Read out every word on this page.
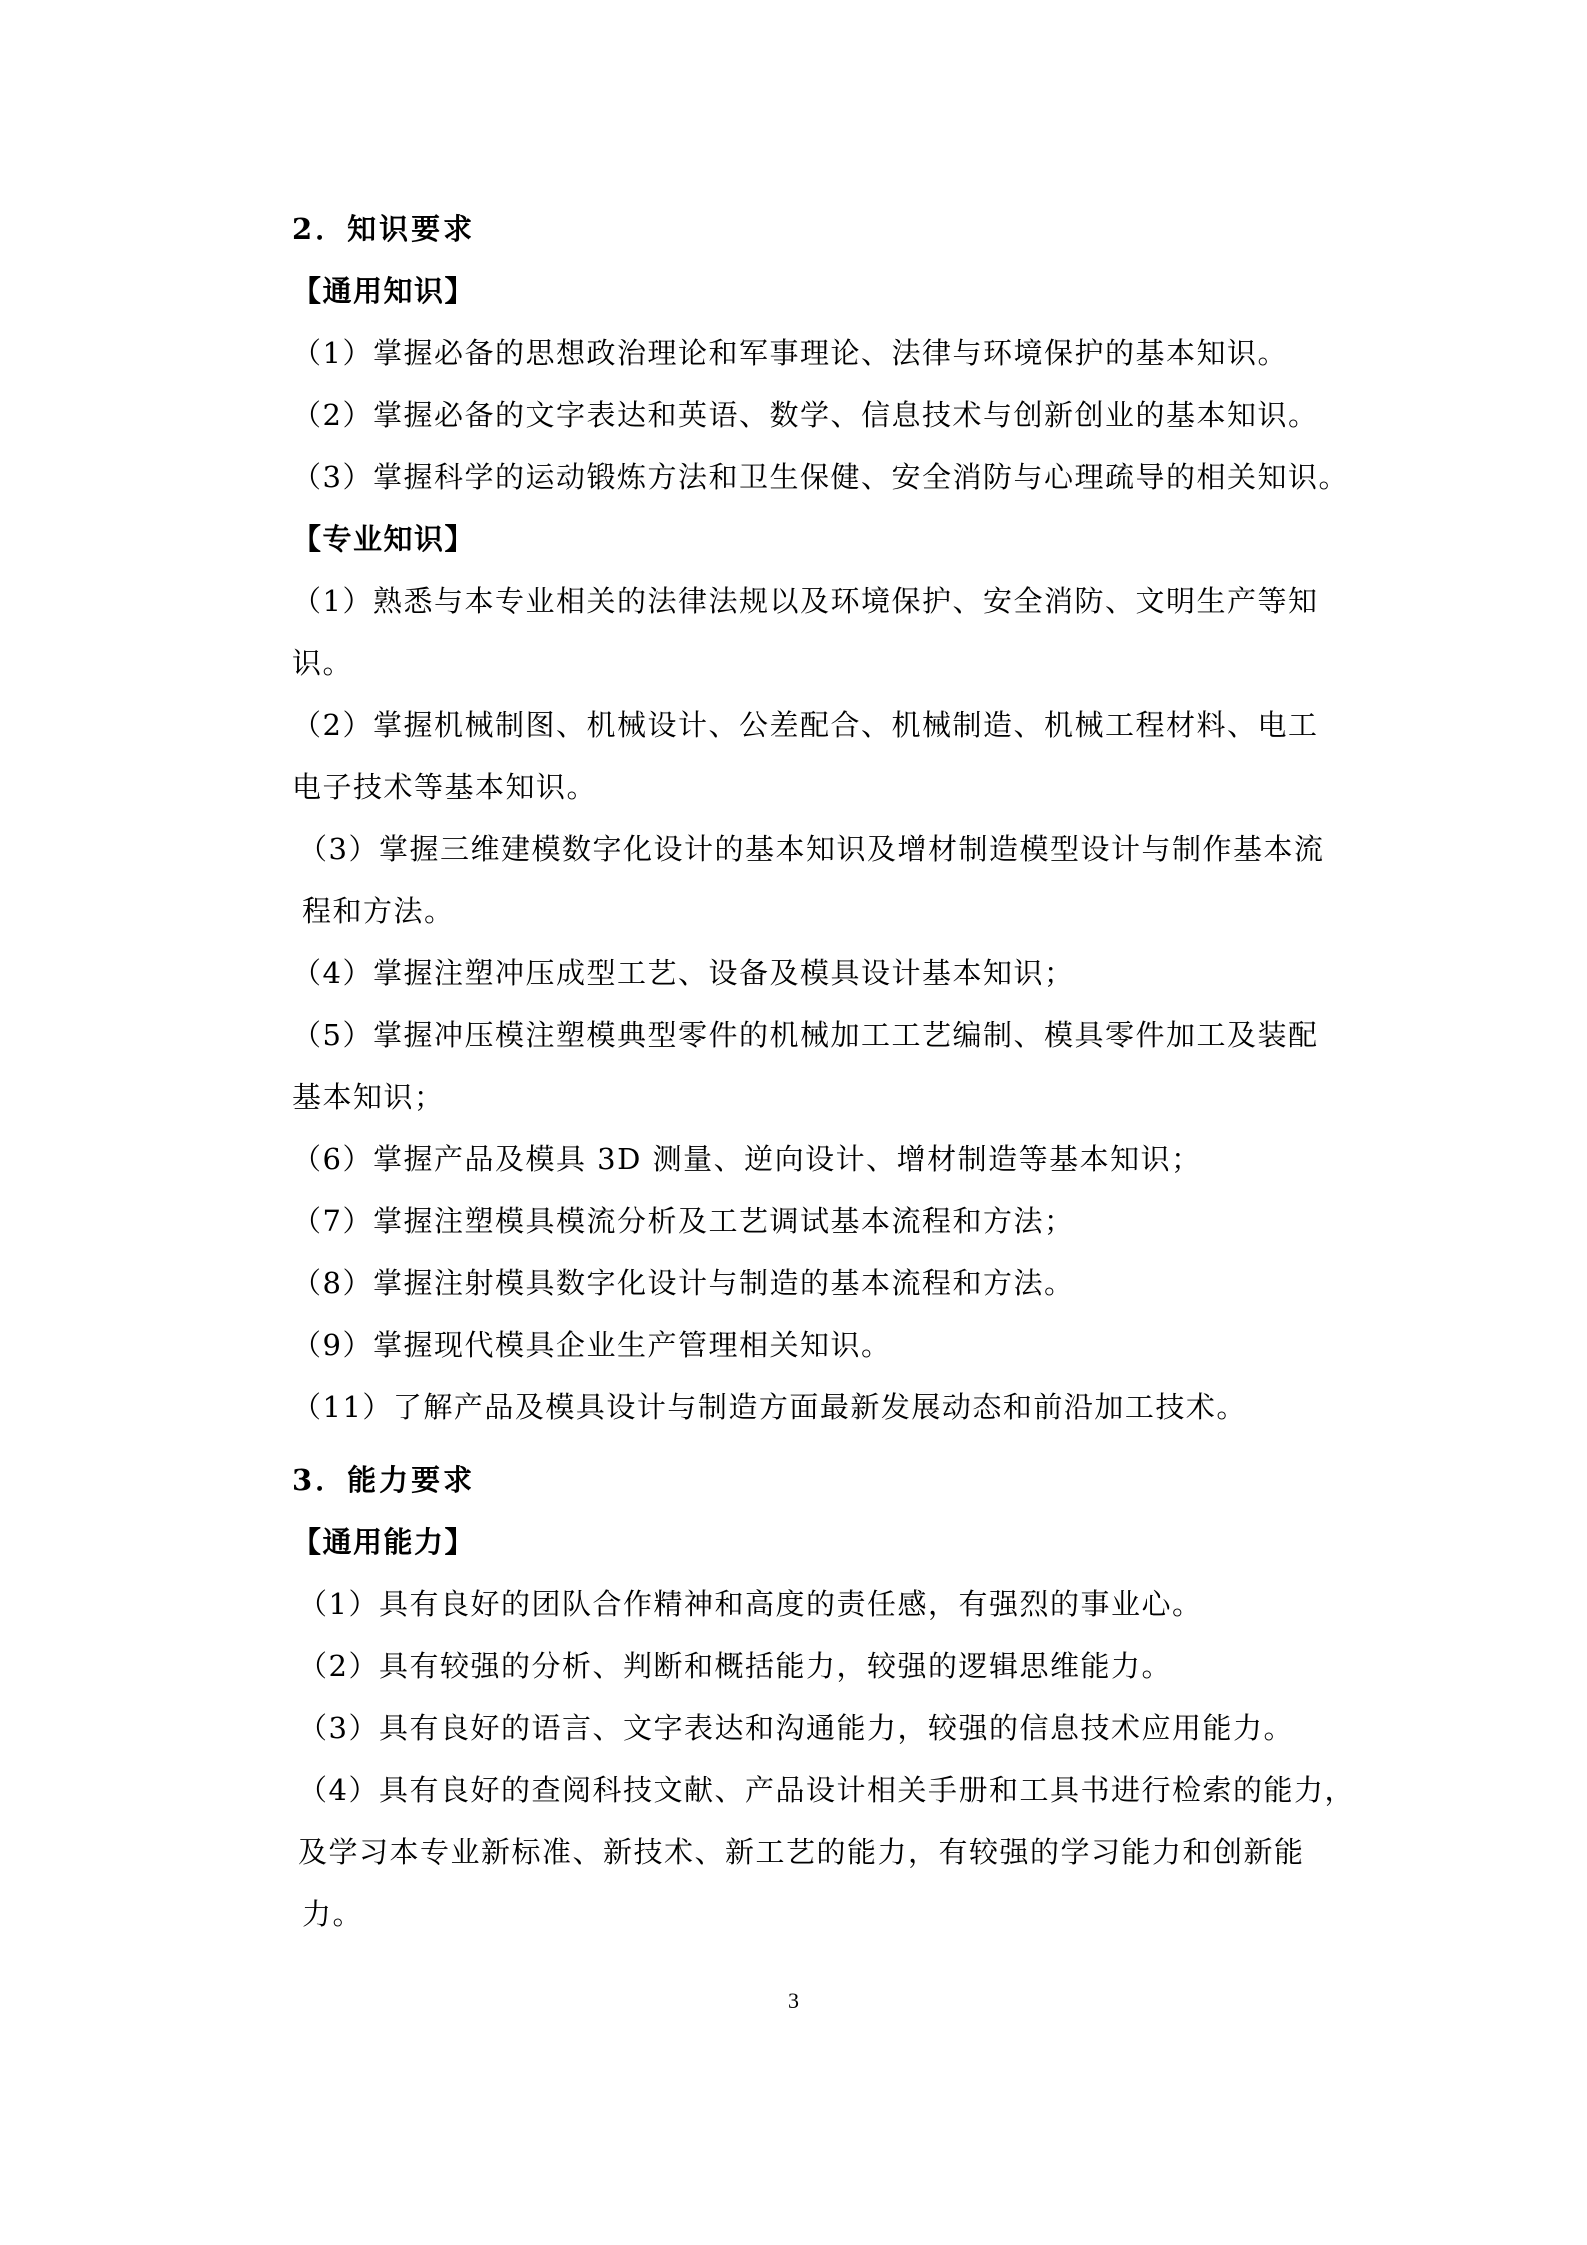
2．知识要求
【通用知识】
（1）掌握必备的思想政治理论和军事理论、法律与环境保护的基本知识。
（2）掌握必备的文字表达和英语、数学、信息技术与创新创业的基本知识。
（3）掌握科学的运动锻炼方法和卫生保健、安全消防与心理疏导的相关知识。
【专业知识】
（1）熟悉与本专业相关的法律法规以及环境保护、安全消防、文明生产等知
识。
（2）掌握机械制图、机械设计、公差配合、机械制造、机械工程材料、电工
电子技术等基本知识。
（3）掌握三维建模数字化设计的基本知识及增材制造模型设计与制作基本流
程和方法。
（4）掌握注塑冲压成型工艺、设备及模具设计基本知识；
（5）掌握冲压模注塑模典型零件的机械加工工艺编制、模具零件加工及装配
基本知识；
（6）掌握产品及模具 3D 测量、逆向设计、增材制造等基本知识；
（7）掌握注塑模具模流分析及工艺调试基本流程和方法；
（8）掌握注射模具数字化设计与制造的基本流程和方法。
（9）掌握现代模具企业生产管理相关知识。
（11）了解产品及模具设计与制造方面最新发展动态和前沿加工技术。
3．能力要求
【通用能力】
（1）具有良好的团队合作精神和高度的责任感，有强烈的事业心。
（2）具有较强的分析、判断和概括能力，较强的逻辑思维能力。
（3）具有良好的语言、文字表达和沟通能力，较强的信息技术应用能力。
（4）具有良好的查阅科技文献、产品设计相关手册和工具书进行检索的能力，
及学习本专业新标准、新技术、新工艺的能力，有较强的学习能力和创新能
力。
3
